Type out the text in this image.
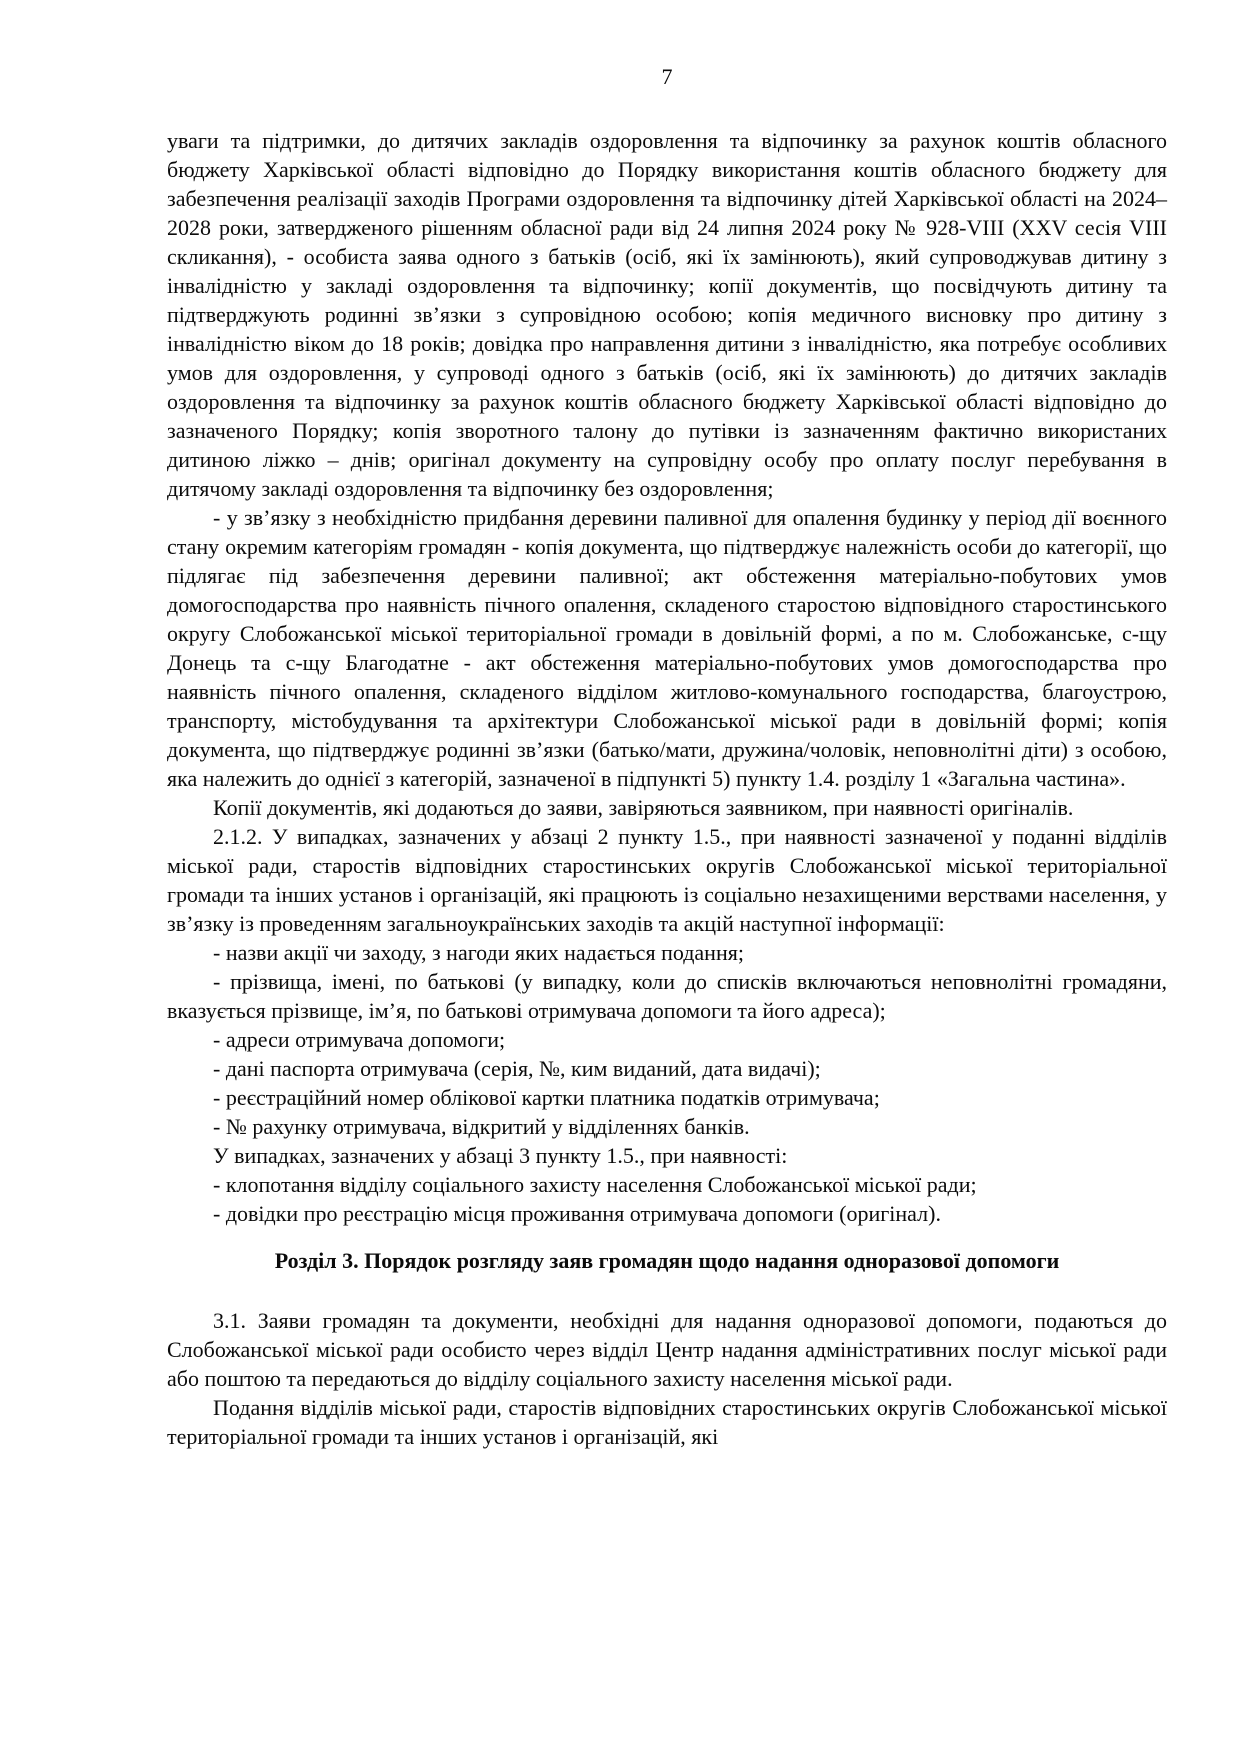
7

уваги та підтримки, до дитячих закладів оздоровлення та відпочинку за рахунок коштів обласного бюджету Харківської області відповідно до Порядку використання коштів обласного бюджету для забезпечення реалізації заходів Програми оздоровлення та відпочинку дітей Харківської області на 2024–2028 роки, затвердженого рішенням обласної ради від 24 липня 2024 року № 928-VIII (XXV сесія VIII скликання), - особиста заява одного з батьків (осіб, які їх замінюють), який супроводжував дитину з інвалідністю у закладі оздоровлення та відпочинку; копії документів, що посвідчують дитину та підтверджують родинні зв’язки з супровідною особою; копія медичного висновку про дитину з інвалідністю віком до 18 років; довідка про направлення дитини з інвалідністю, яка потребує особливих умов для оздоровлення, у супроводі одного з батьків (осіб, які їх замінюють) до дитячих закладів оздоровлення та відпочинку за рахунок коштів обласного бюджету Харківської області відповідно до зазначеного Порядку; копія зворотного талону до путівки із зазначенням фактично використаних дитиною ліжко – днів; оригінал документу на супровідну особу про оплату послуг перебування в дитячому закладі оздоровлення та відпочинку без оздоровлення;

- у зв’язку з необхідністю придбання деревини паливної для опалення будинку у період дії воєнного стану окремим категоріям громадян - копія документа, що підтверджує належність особи до категорії, що підлягає під забезпечення деревини паливної; акт обстеження матеріально-побутових умов домогосподарства про наявність пічного опалення, складеного старостою відповідного старостинського округу Слобожанської міської територіальної громади в довільній формі, а по м. Слобожанське, с-щу Донець та с-щу Благодатне - акт обстеження матеріально-побутових умов домогосподарства про наявність пічного опалення, складеного відділом житлово-комунального господарства, благоустрою, транспорту, містобудування та архітектури Слобожанської міської ради в довільній формі; копія документа, що підтверджує родинні зв’язки (батько/мати, дружина/чоловік, неповнолітні діти) з особою, яка належить до однієї з категорій, зазначеної в підпункті 5) пункту 1.4. розділу 1 «Загальна частина».

Копії документів, які додаються до заяви, завіряються заявником, при наявності оригіналів.

2.1.2. У випадках, зазначених у абзаці 2 пункту 1.5., при наявності зазначеної у поданні відділів міської ради, старостів відповідних старостинських округів Слобожанської міської територіальної громади та інших установ і організацій, які працюють із соціально незахищеними верствами населення, у зв’язку із проведенням загальноукраїнських заходів та акцій наступної інформації:

- назви акції чи заходу, з нагоди яких надається подання;

- прізвища, імені, по батькові (у випадку, коли до списків включаються неповнолітні громадяни, вказується прізвище, ім’я, по батькові отримувача допомоги та його адреса);

- адреси отримувача допомоги;

- дані паспорта отримувача (серія, №, ким виданий, дата видачі);

- реєстраційний номер облікової картки платника податків отримувача;

- № рахунку отримувача, відкритий у відділеннях банків.

У випадках, зазначених у абзаці 3 пункту 1.5., при наявності:

- клопотання відділу соціального захисту населення Слобожанської міської ради;

- довідки про реєстрацію місця проживання отримувача допомоги (оригінал).

Розділ 3. Порядок розгляду заяв громадян щодо надання одноразової допомоги

3.1. Заяви громадян та документи, необхідні для надання одноразової допомоги, подаються до Слобожанської міської ради особисто через відділ Центр надання адміністративних послуг міської ради або поштою та передаються до відділу соціального захисту населення міської ради.

Подання відділів міської ради, старостів відповідних старостинських округів Слобожанської міської територіальної громади та інших установ і організацій, які
